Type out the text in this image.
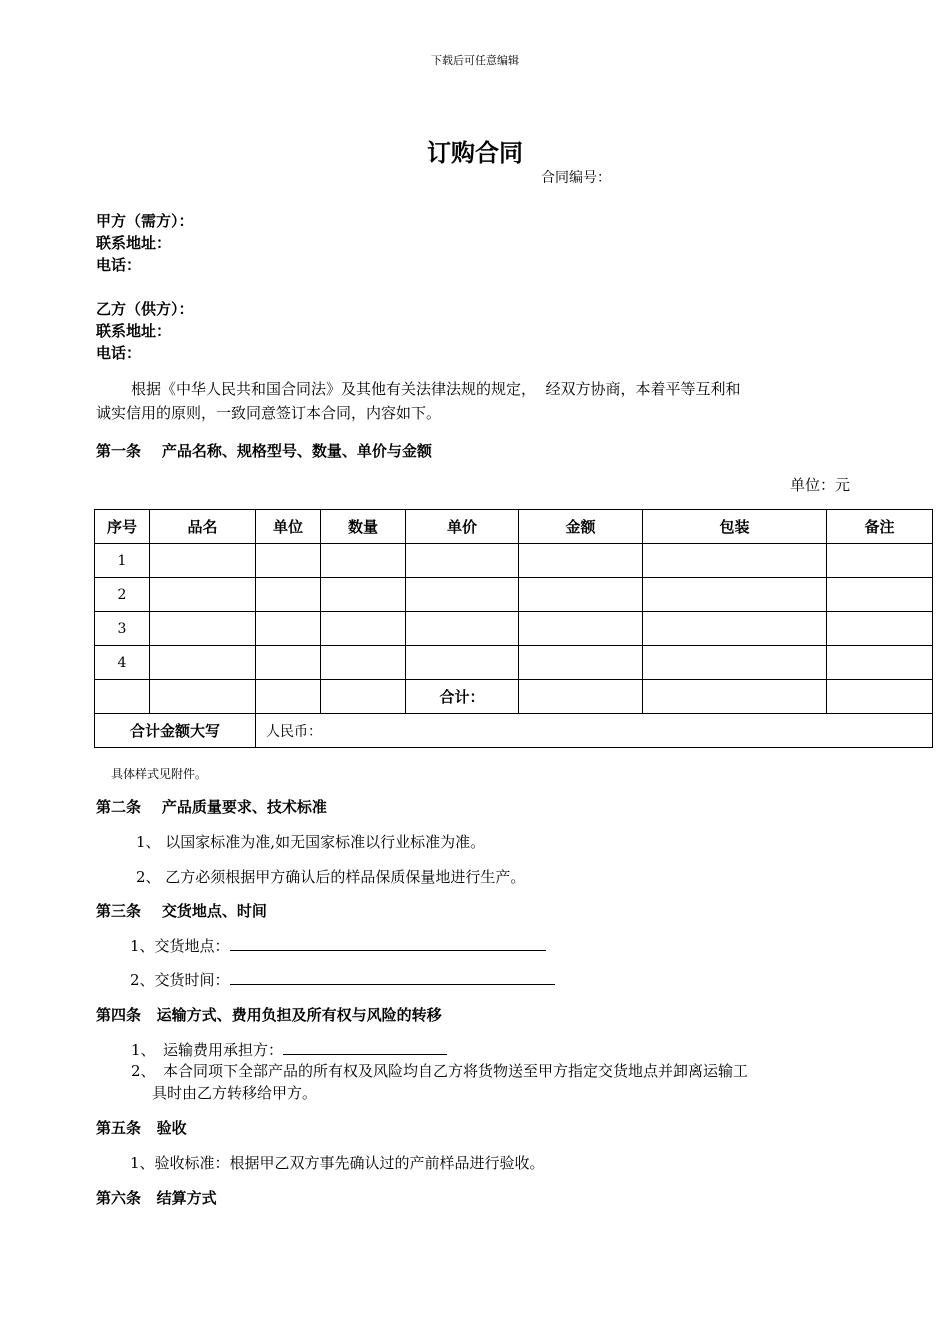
下载后可任意编辑
订购合同
合同编号：
甲方（需方）：
联系地址：
电话：
乙方（供方）：
联系地址：
电话：
根据《中华人民共和国合同法》及其他有关法律法规的规定，  经双方协商，本着平等互利和
诚实信用的原则，一致同意签订本合同，内容如下。
第一条    产品名称、规格型号、数量、单价与金额
单位：元
序号	品名	单位	数量	单价	金额	包装	备注
1							
2							
3							
4							
				合计：			
合计金额大写		人民币：					
具体样式见附件。
第二条    产品质量要求、技术标准
1、 以国家标准为准,如无国家标准以行业标准为准。
2、 乙方必须根据甲方确认后的样品保质保量地进行生产。
第三条    交货地点、时间
1、交货地点：
2、交货时间：
第四条   运输方式、费用负担及所有权与风险的转移
1、 运输费用承担方：
2、 本合同项下全部产品的所有权及风险均自乙方将货物送至甲方指定交货地点并卸离运输工
具时由乙方转移给甲方。
第五条   验收
1、验收标准：根据甲乙双方事先确认过的产前样品进行验收。
第六条   结算方式
